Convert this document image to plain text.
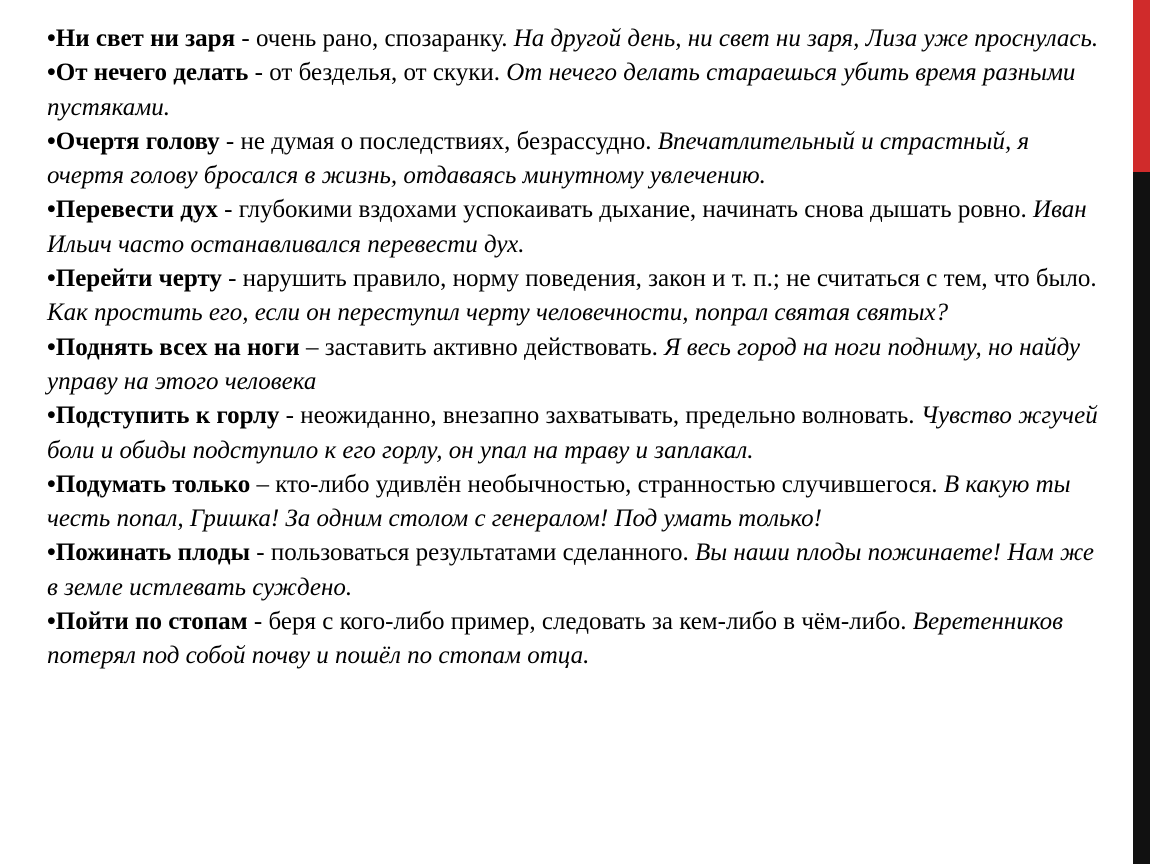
•Ни свет ни заря - очень рано, спозаранку. На другой день, ни свет ни заря, Лиза уже проснулась.

•От нечего делать - от безделья, от скуки. От нечего делать стараешься убить время разными пустяками.

•Очертя голову - не думая о последствиях, безрассудно. Впечатлительный и страстный, я очертя голову бросался в жизнь, отдаваясь минутному увлечению.

•Перевести дух - глубокими вздохами успокаивать дыхание, начинать снова дышать ровно. Иван Ильич часто останавливался перевести дух.

•Перейти черту - нарушить правило, норму поведения, закон и т. п.; не считаться с тем, что было. Как простить его, если он переступил черту человечности, попрал святая святых?

•Поднять всех на ноги – заставить активно действовать. Я весь город на ноги подниму, но найду управу на этого человека

•Подступить к горлу - неожиданно, внезапно захватывать, предельно волновать. Чувство жгучей боли и обиды подступило к его горлу, он упал на траву и заплакал.

•Подумать только – кто-либо удивлён необычностью, странностью случившегося. В какую ты честь попал, Гришка! За одним столом с генералом! Под умать только!

•Пожинать плоды - пользоваться результатами сделанного. Вы наши плоды пожинаете! Нам же в земле истлевать суждено.

•Пойти по стопам - беря с кого-либо пример, следовать за кем-либо в чём-либо. Веретенников потерял под собой почву и пошёл по стопам отца.
